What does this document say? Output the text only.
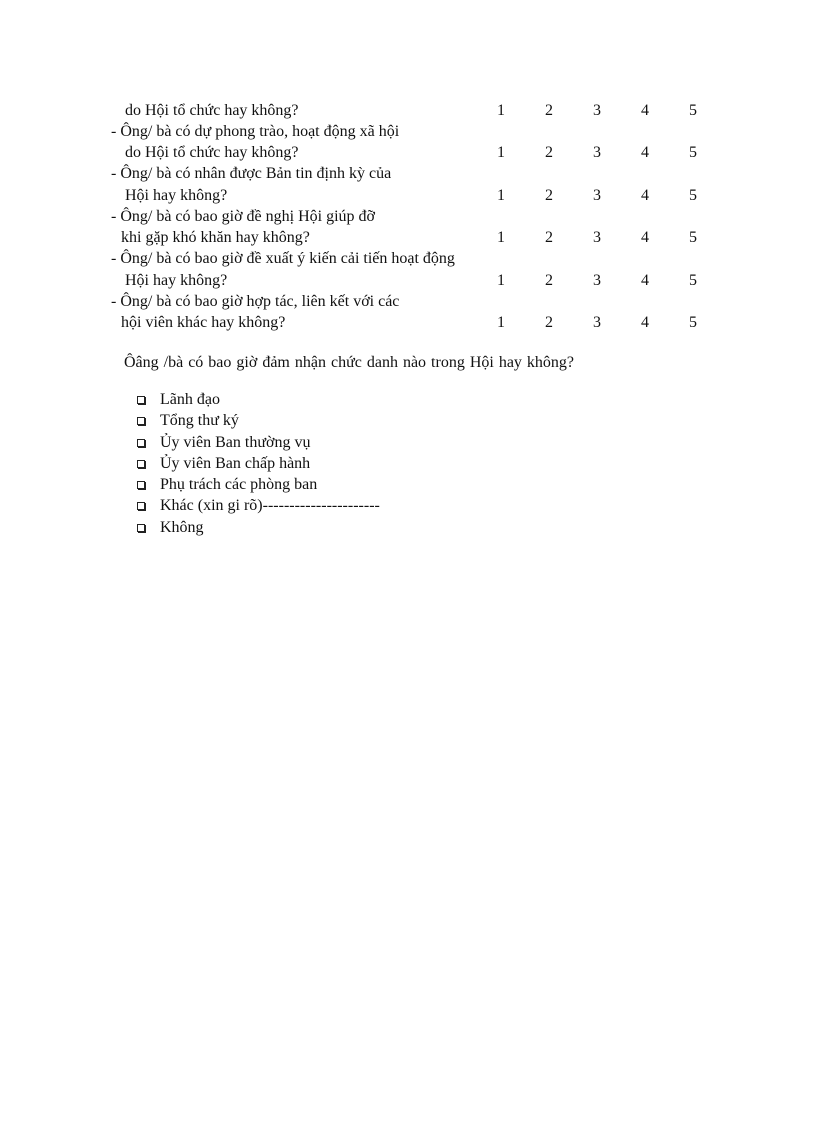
do Hội tổ chức hay không?	1	2	3	4	5
- Ông/ bà có dự phong trào, hoạt động xã hội
do Hội tổ chức hay không?	1	2	3	4	5
- Ông/ bà có nhân được Bản tin định kỳ của
Hội hay không?	1	2	3	4	5
- Ông/ bà có bao giờ đề nghị Hội giúp đỡ
khi gặp khó khăn hay không?	1	2	3	4	5
- Ông/ bà có bao giờ đề xuất ý kiến cải tiến hoạt động
Hội hay không?	1	2	3	4	5
- Ông/ bà có bao giờ hợp tác, liên kết với các
hội viên khác hay không?	1	2	3	4	5
Ôâng /bà có bao giờ đảm nhận chức danh nào trong Hội hay không?
Lãnh đạo
Tổng thư ký
Ủy viên Ban thường vụ
Ủy viên Ban chấp hành
Phụ trách các phòng ban
Khác (xin gi rõ)----------------------
Không
